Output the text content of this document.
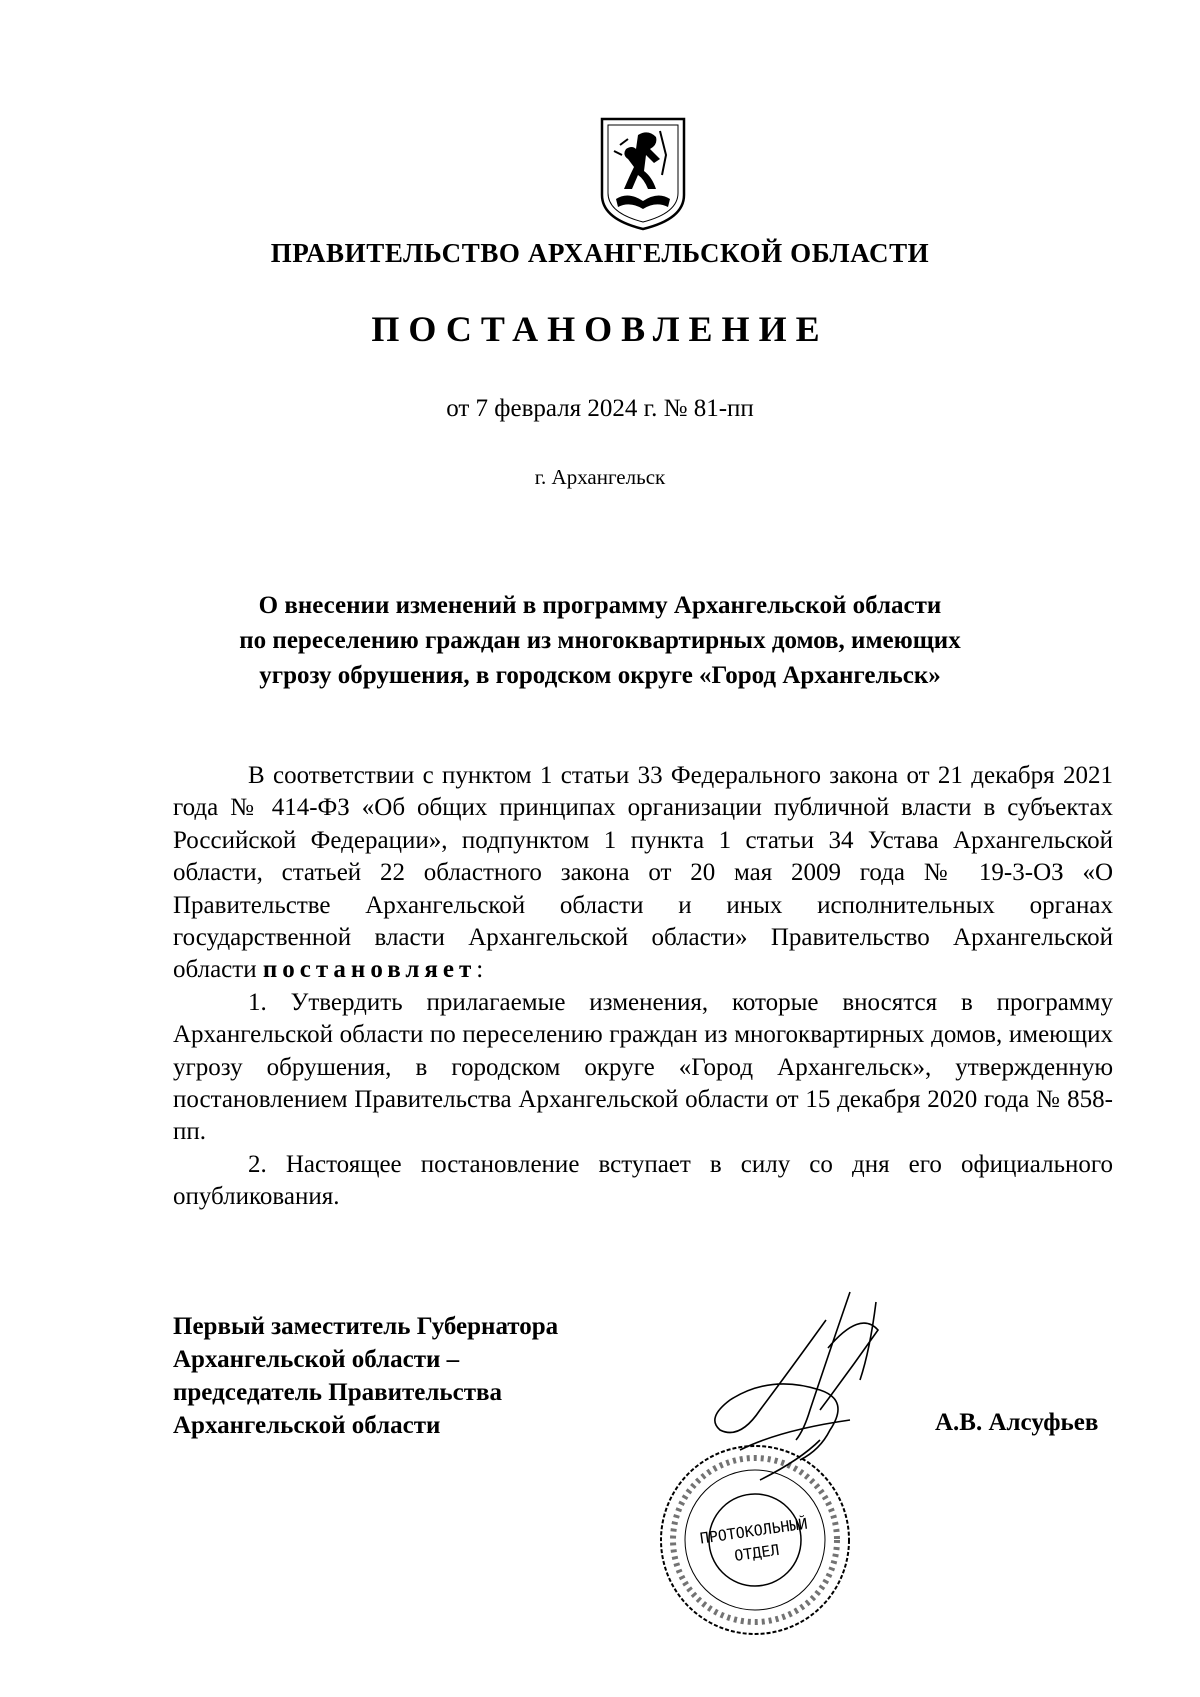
ПРАВИТЕЛЬСТВО АРХАНГЕЛЬСКОЙ ОБЛАСТИ
ПОСТАНОВЛЕНИЕ
от 7 февраля 2024 г. № 81-пп
г. Архангельск
О внесении изменений в программу Архангельской области
по переселению граждан из многоквартирных домов, имеющих
угрозу обрушения, в городском округе «Город Архангельск»

В соответствии с пунктом 1 статьи 33 Федерального закона от 21 декабря 2021 года № 414-ФЗ «Об общих принципах организации публичной власти в субъектах Российской Федерации», подпунктом 1 пункта 1 статьи 34 Устава Архангельской области, статьей 22 областного закона от 20 мая 2009 года № 19-3-ОЗ «О Правительстве Архангельской области и иных исполнительных органах государственной власти Архангельской области» Правительство Архангельской области постановляет:

1. Утвердить прилагаемые изменения, которые вносятся в программу Архангельской области по переселению граждан из многоквартирных домов, имеющих угрозу обрушения, в городском округе «Город Архангельск», утвержденную постановлением Правительства Архангельской области от 15 декабря 2020 года № 858-пп.

2. Настоящее постановление вступает в силу со дня его официального опубликования.

Первый заместитель Губернатора
Архангельской области –
председатель Правительства
Архангельской области	А.В. Алсуфьев
ПРОТОКОЛЬНЫЙ
ОТДЕЛ
